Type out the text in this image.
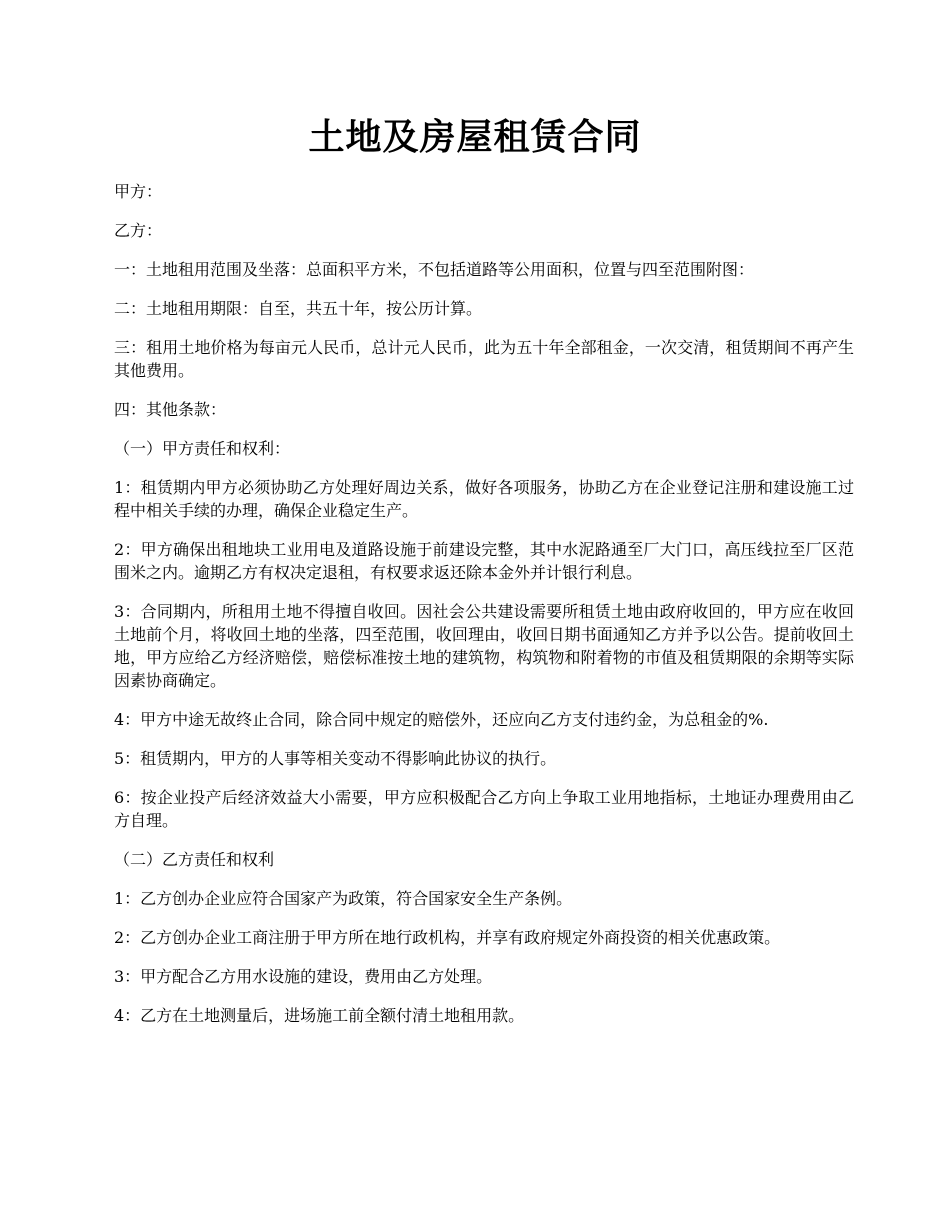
土地及房屋租赁合同

甲方：

乙方：

一：土地租用范围及坐落：总面积平方米，不包括道路等公用面积，位置与四至范围附图：

二：土地租用期限：自至，共五十年，按公历计算。

三：租用土地价格为每亩元人民币，总计元人民币，此为五十年全部租金，一次交清，租赁期间不再产生其他费用。

四：其他条款：

（一）甲方责任和权利：

1：租赁期内甲方必须协助乙方处理好周边关系，做好各项服务，协助乙方在企业登记注册和建设施工过程中相关手续的办理，确保企业稳定生产。

2：甲方确保出租地块工业用电及道路设施于前建设完整，其中水泥路通至厂大门口，高压线拉至厂区范围米之内。逾期乙方有权决定退租，有权要求返还除本金外并计银行利息。

3：合同期内，所租用土地不得擅自收回。因社会公共建设需要所租赁土地由政府收回的，甲方应在收回土地前个月，将收回土地的坐落，四至范围，收回理由，收回日期书面通知乙方并予以公告。提前收回土地，甲方应给乙方经济赔偿，赔偿标准按土地的建筑物，构筑物和附着物的市值及租赁期限的余期等实际因素协商确定。

4：甲方中途无故终止合同，除合同中规定的赔偿外，还应向乙方支付违约金，为总租金的%.

5：租赁期内，甲方的人事等相关变动不得影响此协议的执行。

6：按企业投产后经济效益大小需要，甲方应积极配合乙方向上争取工业用地指标，土地证办理费用由乙方自理。

（二）乙方责任和权利

1：乙方创办企业应符合国家产为政策，符合国家安全生产条例。

2：乙方创办企业工商注册于甲方所在地行政机构，并享有政府规定外商投资的相关优惠政策。

3：甲方配合乙方用水设施的建设，费用由乙方处理。

4：乙方在土地测量后，进场施工前全额付清土地租用款。
